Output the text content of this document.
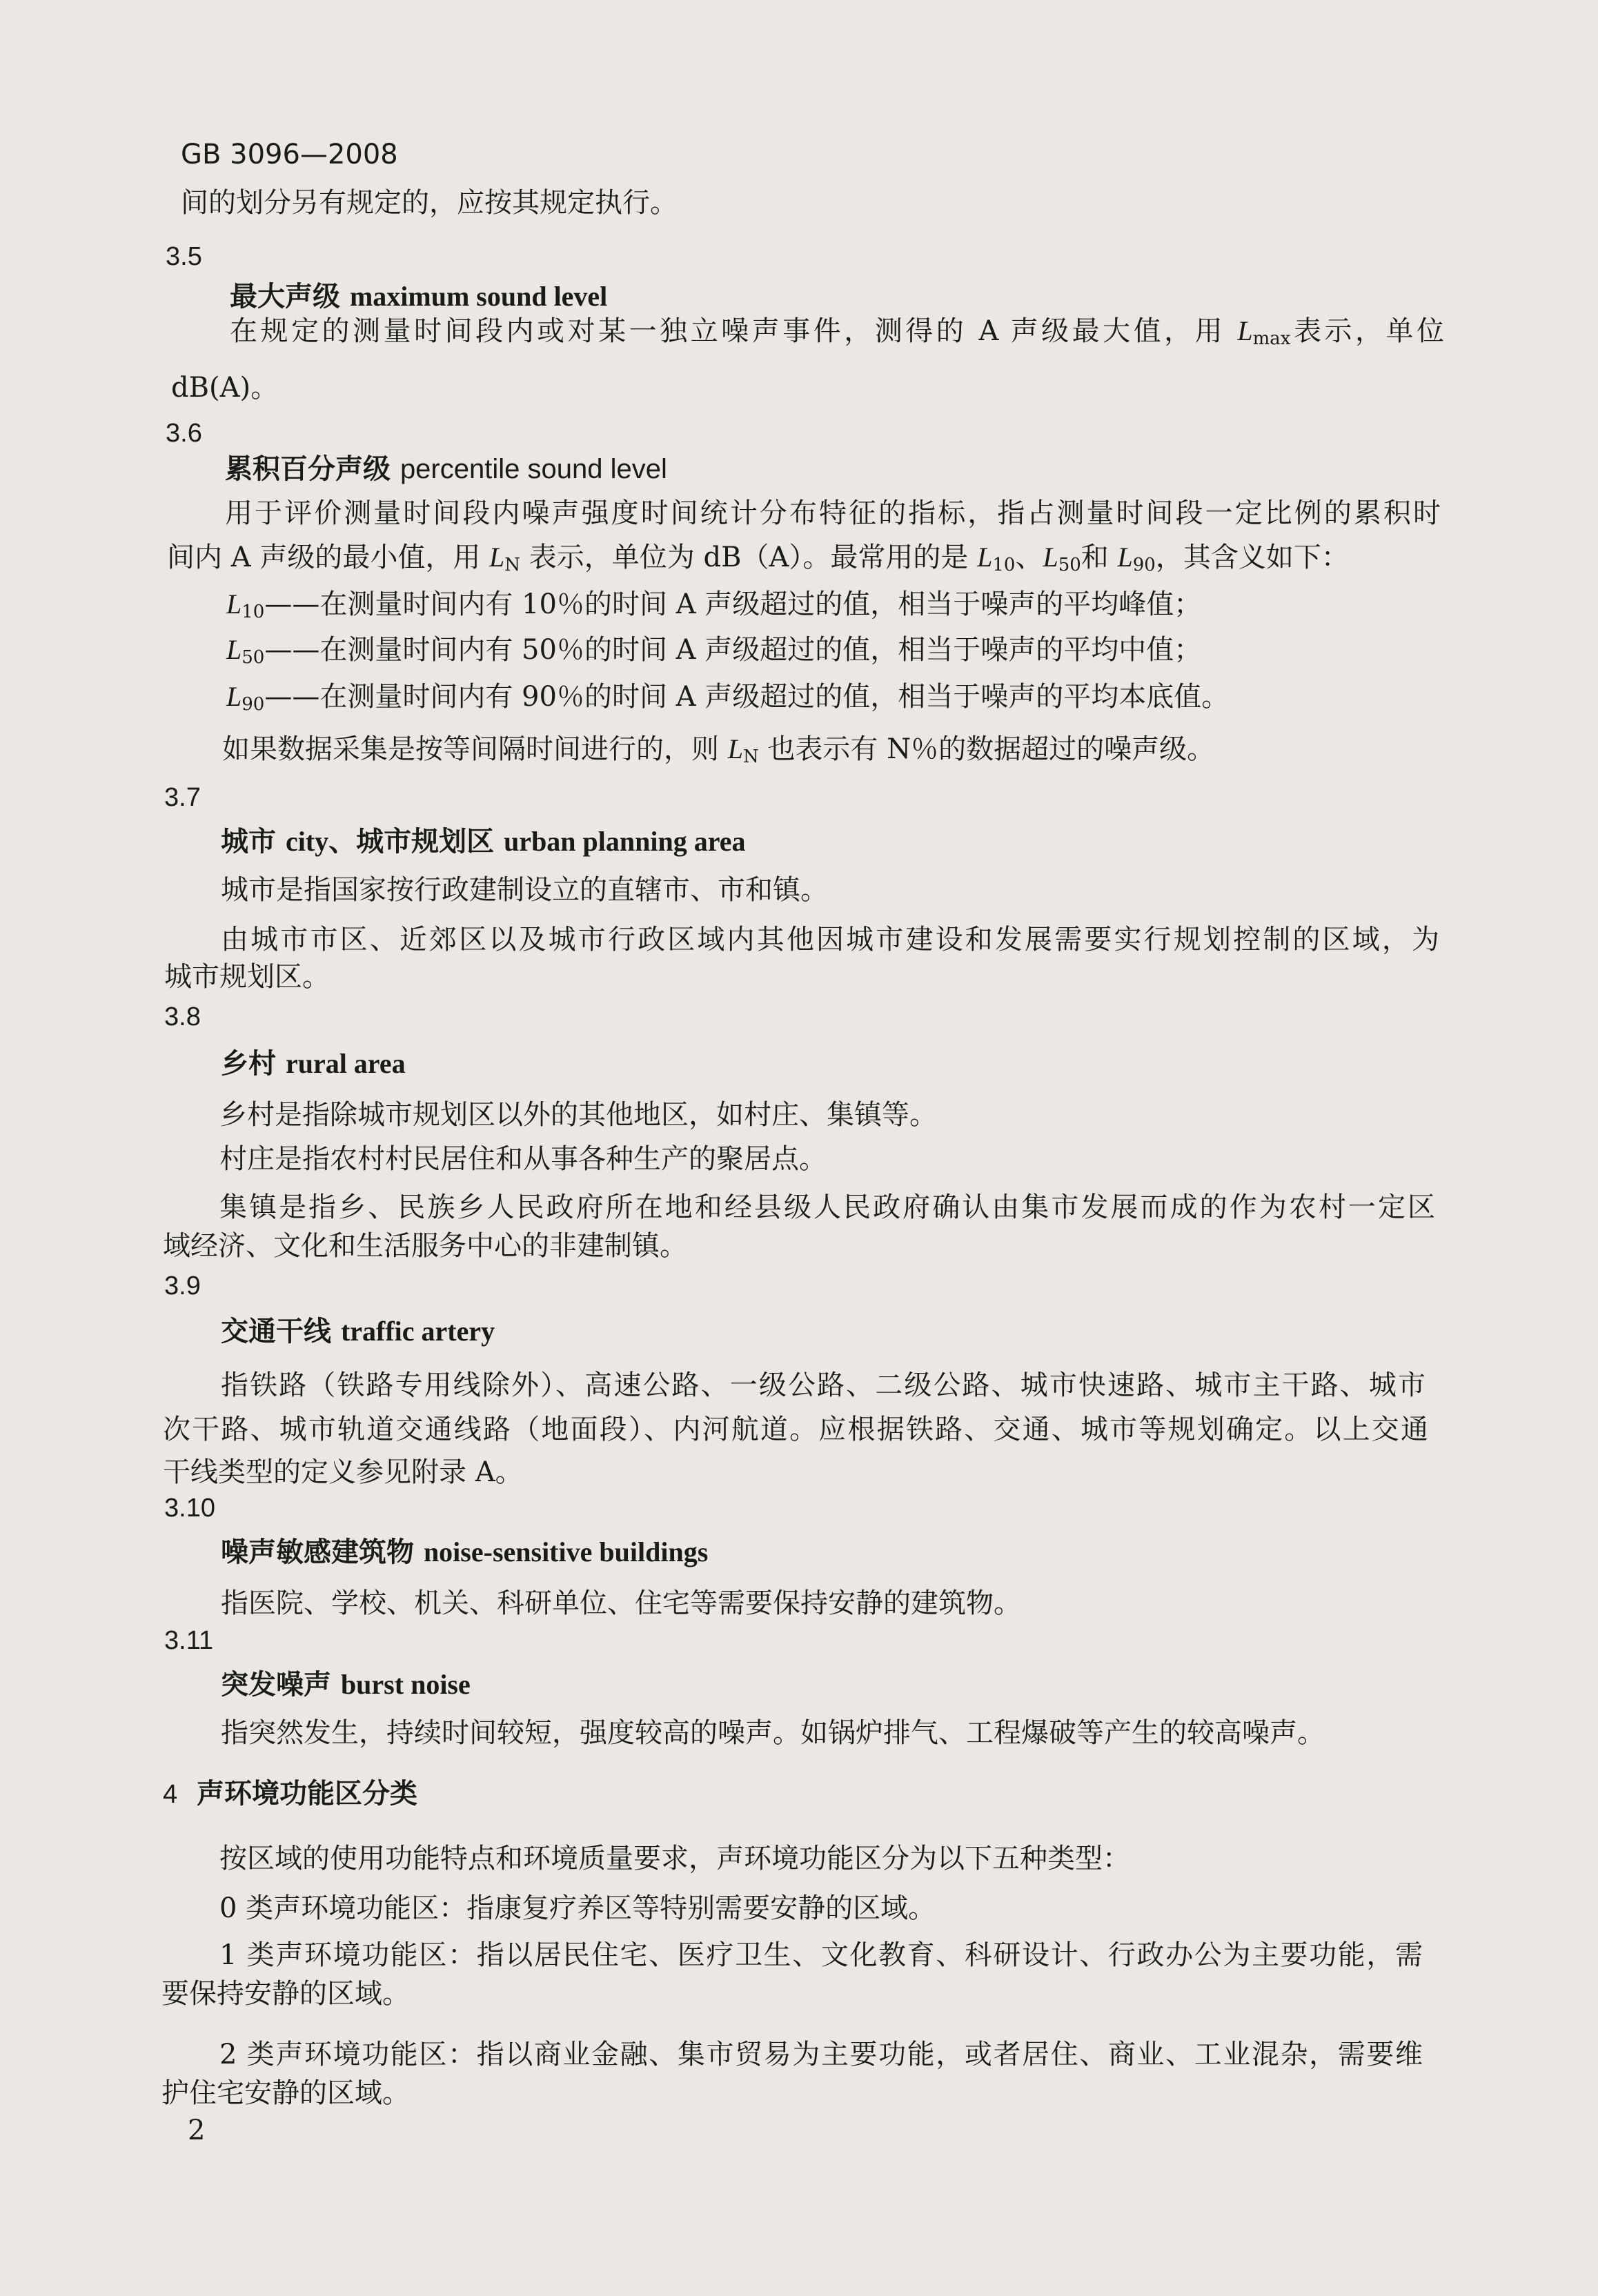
GB 3096—2008
间的划分另有规定的，应按其规定执行。
3.5
最大声级 maximum sound level
在规定的测量时间段内或对某一独立噪声事件，测得的 A 声级最大值，用 $L_{max}$表示，单位
dB(A)。
3.6
累积百分声级 percentile sound level
用于评价测量时间段内噪声强度时间统计分布特征的指标，指占测量时间段一定比例的累积时
间内 A 声级的最小值，用 $L_N$ 表示，单位为 dB（A）。最常用的是 $L_{10}$、$L_{50}$和 $L_{90}$，其含义如下：
$L_{10}——$在测量时间内有 10％的时间 A 声级超过的值，相当于噪声的平均峰值；
$L_{50}——$在测量时间内有 50％的时间 A 声级超过的值，相当于噪声的平均中值；
$L_{90}——$在测量时间内有 90％的时间 A 声级超过的值，相当于噪声的平均本底值。
如果数据采集是按等间隔时间进行的，则 $L_N$ 也表示有 N％的数据超过的噪声级。
3.7
城市 city、城市规划区 urban planning area
城市是指国家按行政建制设立的直辖市、市和镇。
由城市市区、近郊区以及城市行政区域内其他因城市建设和发展需要实行规划控制的区域，为
城市规划区。
3.8
乡村 rural area
乡村是指除城市规划区以外的其他地区，如村庄、集镇等。
村庄是指农村村民居住和从事各种生产的聚居点。
集镇是指乡、民族乡人民政府所在地和经县级人民政府确认由集市发展而成的作为农村一定区
域经济、文化和生活服务中心的非建制镇。
3.9
交通干线 traffic artery
指铁路（铁路专用线除外）、高速公路、一级公路、二级公路、城市快速路、城市主干路、城市
次干路、城市轨道交通线路（地面段）、内河航道。应根据铁路、交通、城市等规划确定。以上交通
干线类型的定义参见附录 A。
3.10
噪声敏感建筑物 noise-sensitive buildings
指医院、学校、机关、科研单位、住宅等需要保持安静的建筑物。
3.11
突发噪声 burst noise
指突然发生，持续时间较短，强度较高的噪声。如锅炉排气、工程爆破等产生的较高噪声。
4 声环境功能区分类
按区域的使用功能特点和环境质量要求，声环境功能区分为以下五种类型：
0 类声环境功能区：指康复疗养区等特别需要安静的区域。
1 类声环境功能区：指以居民住宅、医疗卫生、文化教育、科研设计、行政办公为主要功能，需
要保持安静的区域。
2 类声环境功能区：指以商业金融、集市贸易为主要功能，或者居住、商业、工业混杂，需要维
护住宅安静的区域。
2
